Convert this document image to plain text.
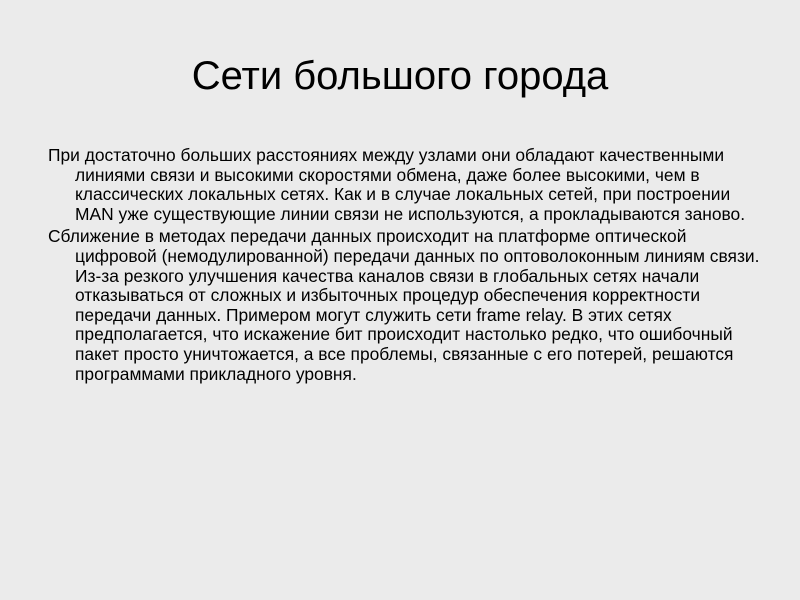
Сети большого города

При достаточно больших расстояниях между узлами они обладают качественными линиями связи и высокими скоростями обмена, даже более высокими, чем в классических локальных сетях. Как и в случае локальных сетей, при построении MAN уже существующие линии связи не используются, а прокладываются заново.

Сближение в методах передачи данных происходит на платформе оптической цифровой (немодулированной) передачи данных по оптоволоконным линиям связи. Из-за резкого улучшения качества каналов связи в глобальных сетях начали отказываться от сложных и избыточных процедур обеспечения корректности передачи данных. Примером могут служить сети frame relay. В этих сетях предполагается, что искажение бит происходит настолько редко, что ошибочный пакет просто уничтожается, а все проблемы, связанные с его потерей, решаются программами прикладного уровня.
